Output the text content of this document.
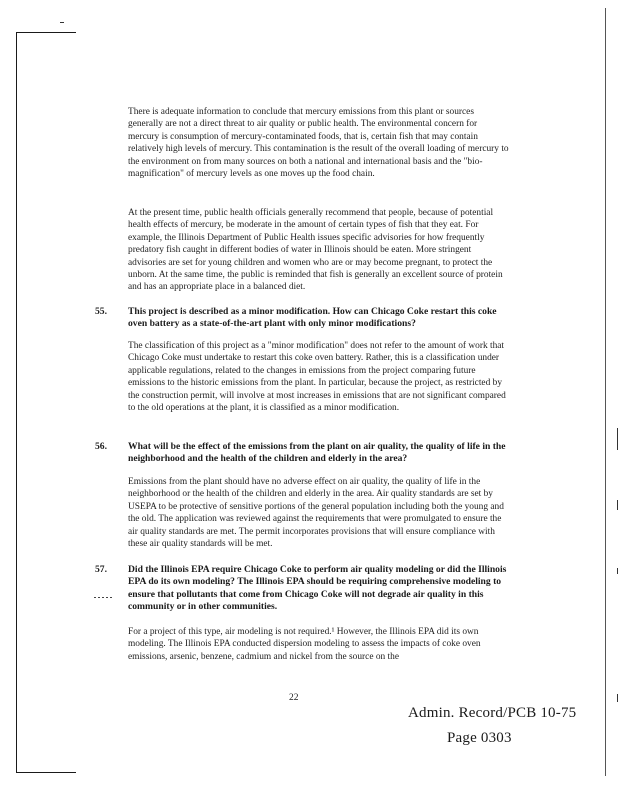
There is adequate information to conclude that mercury emissions from this plant or sources generally are not a direct threat to air quality or public health. The environmental concern for mercury is consumption of mercury-contaminated foods, that is, certain fish that may contain relatively high levels of mercury. This contamination is the result of the overall loading of mercury to the environment on from many sources on both a national and international basis and the "bio-magnification" of mercury levels as one moves up the food chain.
At the present time, public health officials generally recommend that people, because of potential health effects of mercury, be moderate in the amount of certain types of fish that they eat. For example, the Illinois Department of Public Health issues specific advisories for how frequently predatory fish caught in different bodies of water in Illinois should be eaten. More stringent advisories are set for young children and women who are or may become pregnant, to protect the unborn. At the same time, the public is reminded that fish is generally an excellent source of protein and has an appropriate place in a balanced diet.
55. This project is described as a minor modification. How can Chicago Coke restart this coke oven battery as a state-of-the-art plant with only minor modifications?
The classification of this project as a "minor modification" does not refer to the amount of work that Chicago Coke must undertake to restart this coke oven battery. Rather, this is a classification under applicable regulations, related to the changes in emissions from the project comparing future emissions to the historic emissions from the plant. In particular, because the project, as restricted by the construction permit, will involve at most increases in emissions that are not significant compared to the old operations at the plant, it is classified as a minor modification.
56. What will be the effect of the emissions from the plant on air quality, the quality of life in the neighborhood and the health of the children and elderly in the area?
Emissions from the plant should have no adverse effect on air quality, the quality of life in the neighborhood or the health of the children and elderly in the area. Air quality standards are set by USEPA to be protective of sensitive portions of the general population including both the young and the old. The application was reviewed against the requirements that were promulgated to ensure the air quality standards are met. The permit incorporates provisions that will ensure compliance with these air quality standards will be met.
57. Did the Illinois EPA require Chicago Coke to perform air quality modeling or did the Illinois EPA do its own modeling? The Illinois EPA should be requiring comprehensive modeling to ensure that pollutants that come from Chicago Coke will not degrade air quality in this community or in other communities.
For a project of this type, air modeling is not required.¹ However, the Illinois EPA did its own modeling. The Illinois EPA conducted dispersion modeling to assess the impacts of coke oven emissions, arsenic, benzene, cadmium and nickel from the source on the
22
Admin. Record/PCB 10-75
Page 0303
